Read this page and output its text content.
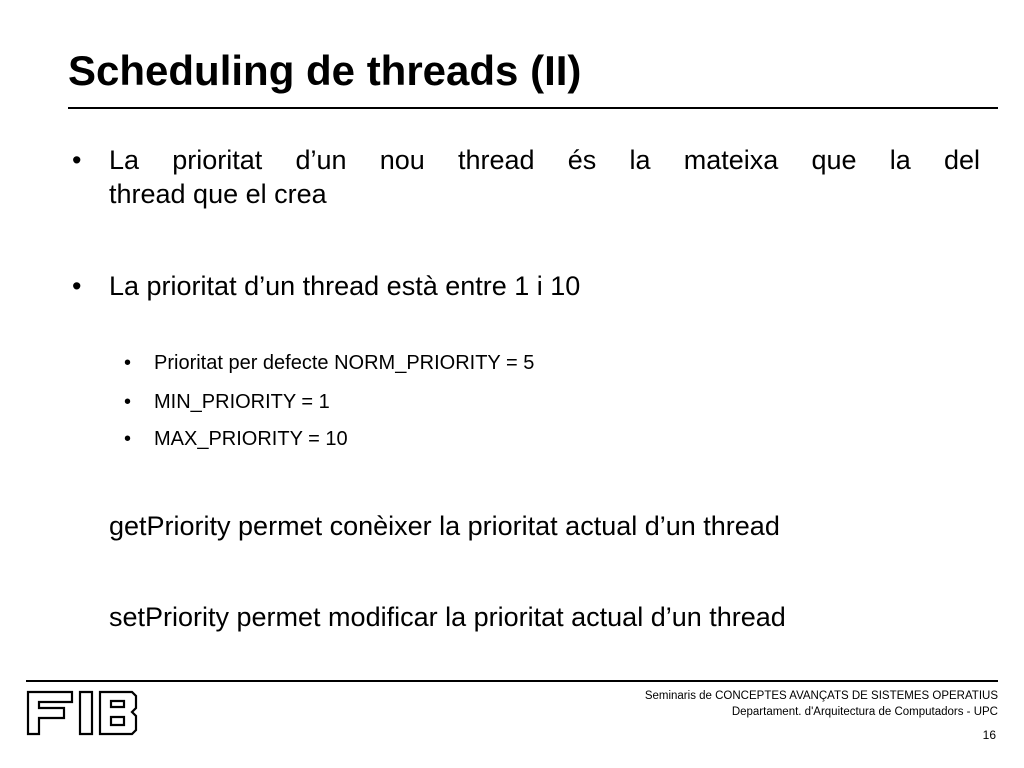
Scheduling de threads (II)
•	La prioritat d’un nou thread és la mateixa que la del
thread que el crea
•	La prioritat d’un thread està entre 1 i 10
• Prioritat per defecte NORM_PRIORITY = 5
• MIN_PRIORITY = 1
• MAX_PRIORITY = 10
getPriority permet conèixer la prioritat actual d’un thread
setPriority permet modificar la prioritat actual d’un thread
Seminaris de CONCEPTES AVANÇATS DE SISTEMES OPERATIUS
Departament. d'Arquitectura de Computadors - UPC
16
